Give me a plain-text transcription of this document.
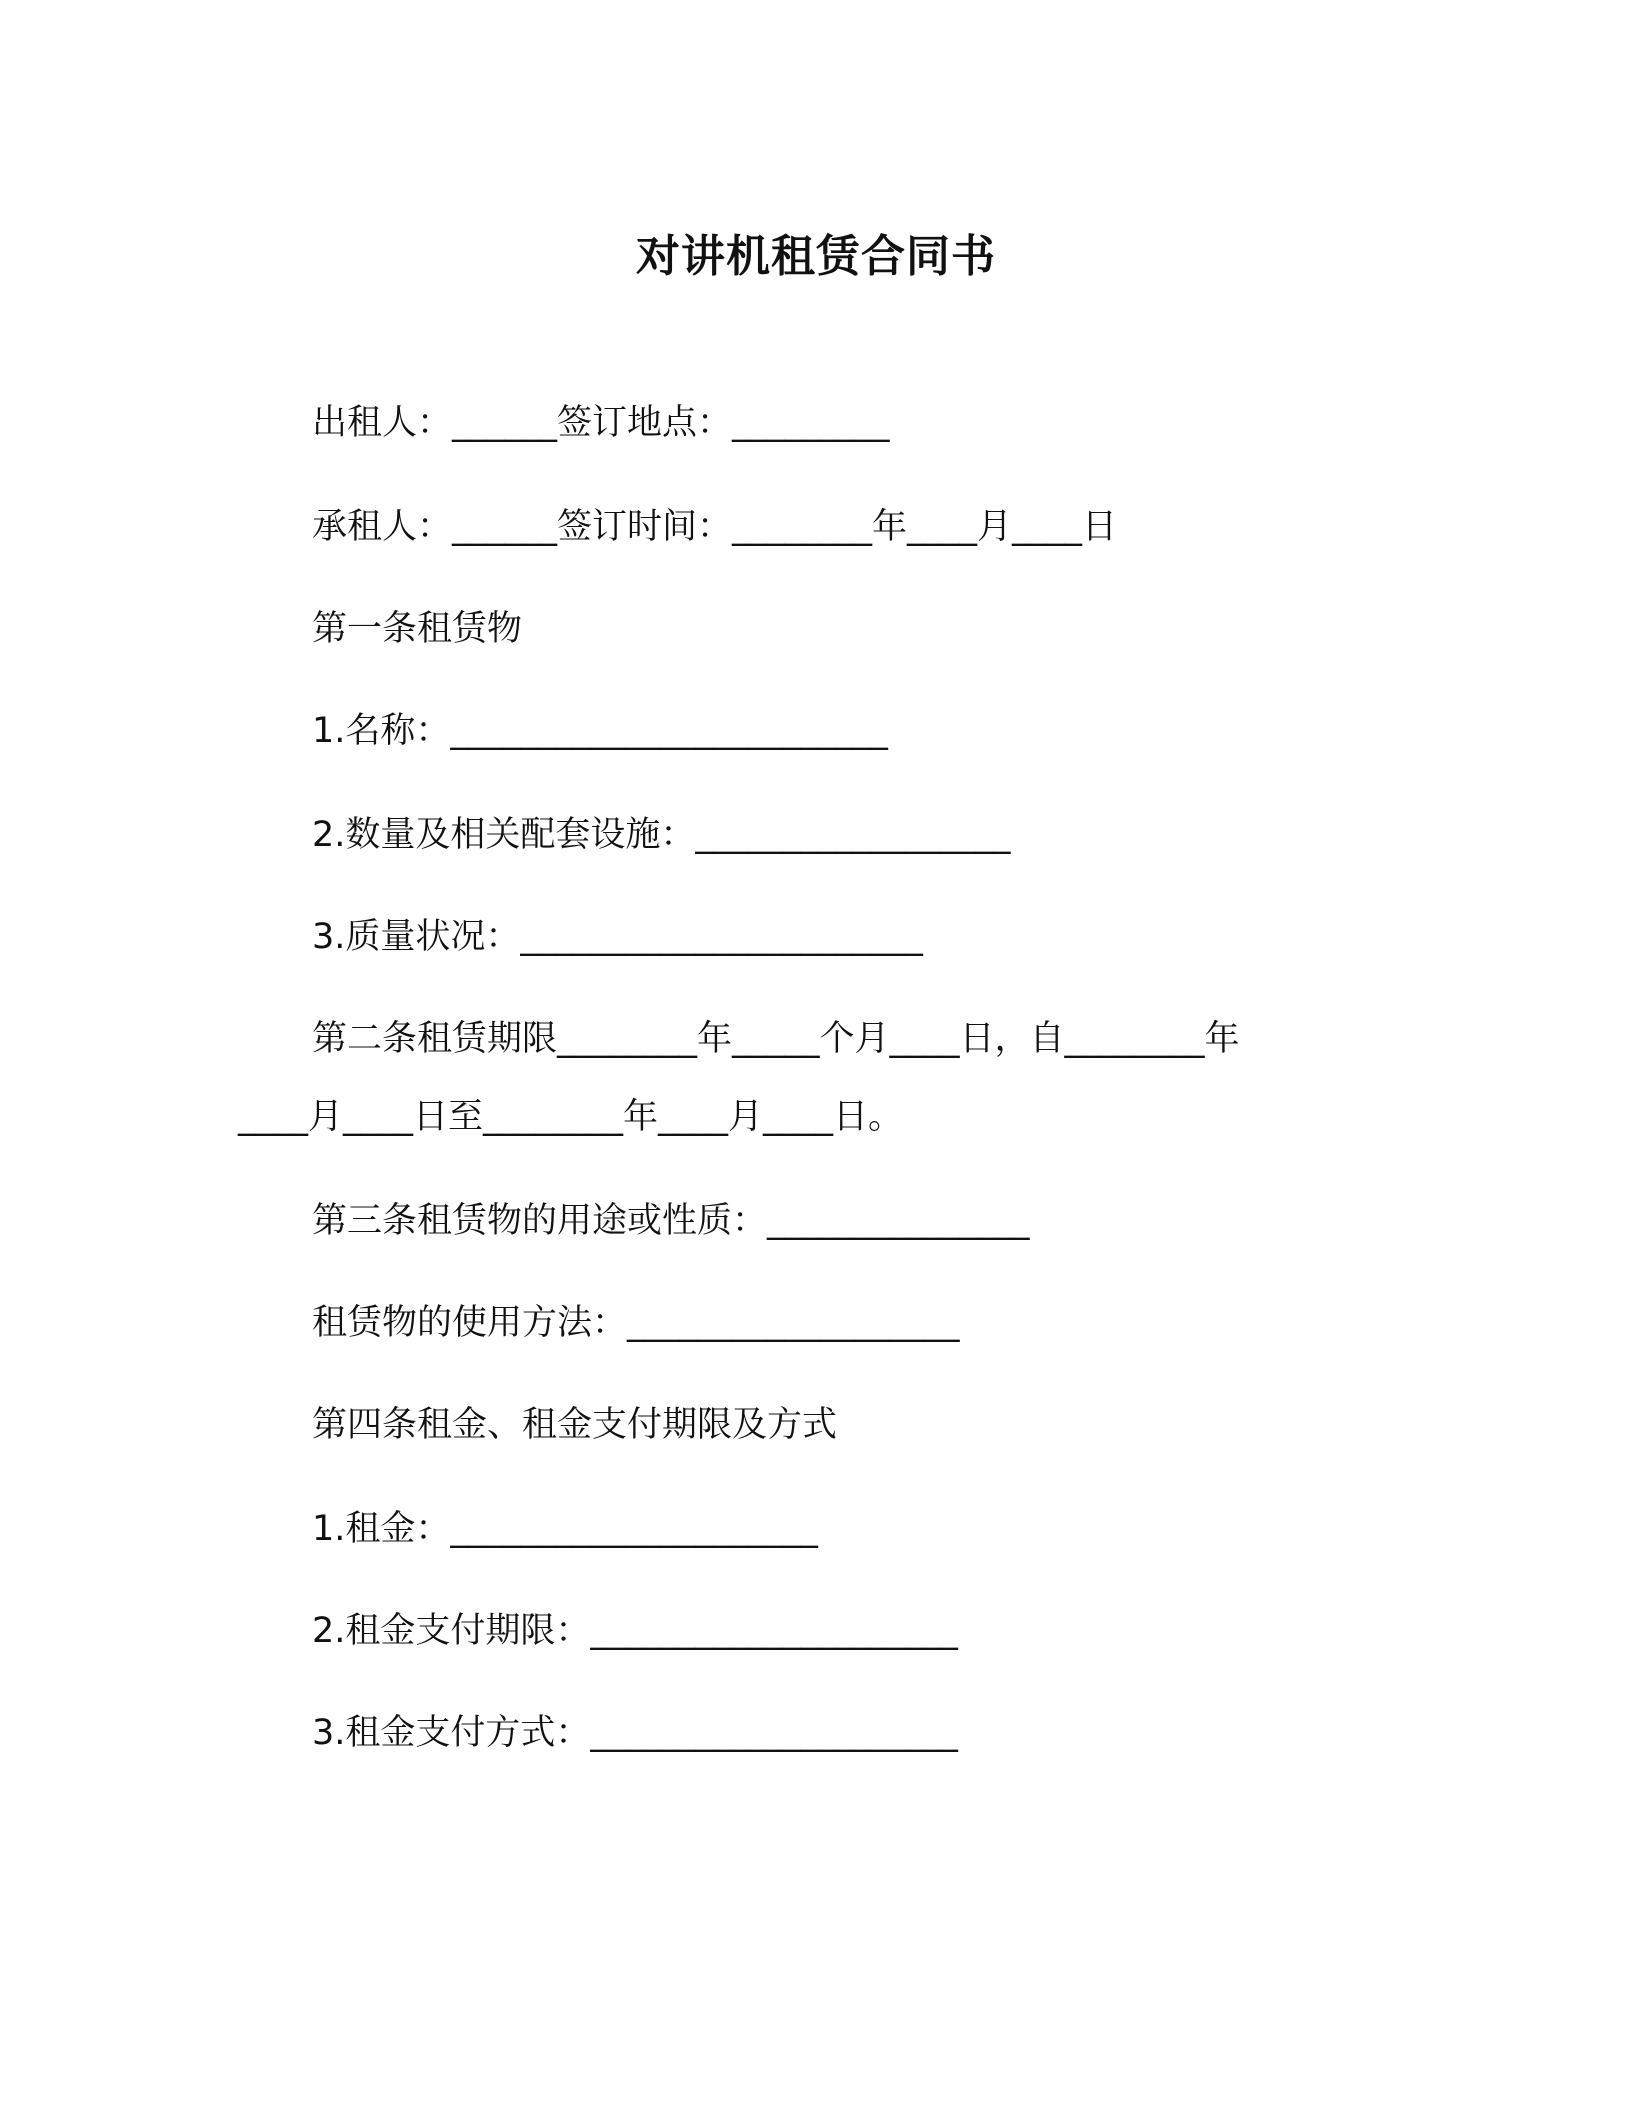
对讲机租赁合同书
出租人：______签订地点：_________
承租人：______签订时间：________年____月____日
第一条租赁物
1.名称：_________________________
2.数量及相关配套设施：__________________
3.质量状况：_______________________
第二条租赁期限________年_____个月____日，自________年
____月____日至________年____月____日。
第三条租赁物的用途或性质：_______________
租赁物的使用方法：___________________
第四条租金、租金支付期限及方式
1.租金：_____________________
2.租金支付期限：_____________________
3.租金支付方式：_____________________
